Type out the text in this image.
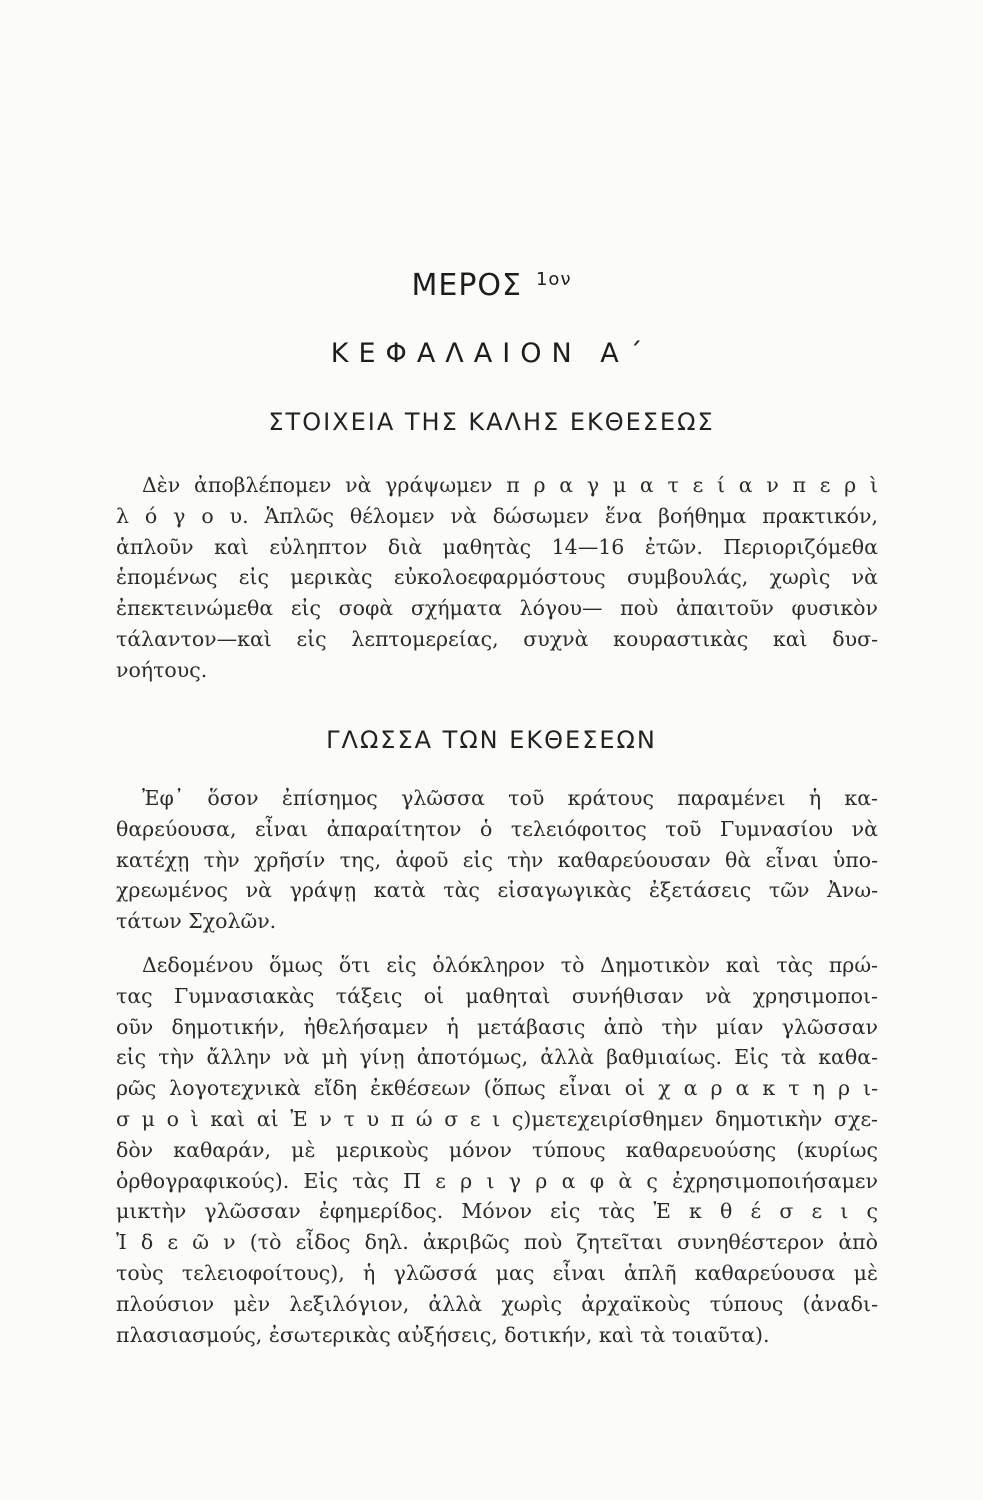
ΜΕΡΟΣ $^{1o\nu}$
ΚΕΦΑΛΑΙΟΝ Α΄
ΣΤΟΙΧΕΙΑ ΤΗΣ ΚΑΛΗΣ ΕΚΘΕΣΕΩΣ
Δὲν ἀποβλέπομεν νὰ γράψωμεν π ρ α γ μ α τ ε ί α ν π ε ρ ὶ
λ ό γ ο υ. Ἁπλῶς θέλομεν νὰ δώσωμεν ἕνα βοήθημα πρακτικόν,
ἁπλοῦν καὶ εὐληπτον διὰ μαθητὰς 14—16 ἐτῶν. Περιοριζόμεθα
ἑπομένως εἰς μερικὰς εὐκολοεφαρμόστους συμβουλάς, χωρὶς νὰ
ἐπεκτεινώμεθα εἰς σοφὰ σχήματα λόγου— ποὺ ἀπαιτοῦν φυσικὸν
τάλαντον—καὶ εἰς λεπτομερείας, συχνὰ κουραστικὰς καὶ δυσ-
νοήτους.
ΓΛΩΣΣΑ ΤΩΝ ΕΚΘΕΣΕΩΝ
Ἐφ᾽ ὅσον ἐπίσημος γλῶσσα τοῦ κράτους παραμένει ἡ κα-
θαρεύουσα, εἶναι ἀπαραίτητον ὁ τελειόφοιτος τοῦ Γυμνασίου νὰ
κατέχῃ τὴν χρῆσίν της, ἀφοῦ εἰς τὴν καθαρεύουσαν θὰ εἶναι ὑπο-
χρεωμένος νὰ γράψῃ κατὰ τὰς εἰσαγωγικὰς ἐξετάσεις τῶν Ἀνω-
τάτων Σχολῶν.
Δεδομένου ὅμως ὅτι εἰς ὁλόκληρον τὸ Δημοτικὸν καὶ τὰς πρώ-
τας Γυμνασιακὰς τάξεις οἱ μαθηταὶ συνήθισαν νὰ χρησιμοποι-
οῦν δημοτικήν, ἠθελήσαμεν ἡ μετάβασις ἀπὸ τὴν μίαν γλῶσσαν
εἰς τὴν ἄλλην νὰ μὴ γίνῃ ἀποτόμως, ἀλλὰ βαθμιαίως. Εἰς τὰ καθα-
ρῶς λογοτεχνικὰ εἴδη ἐκθέσεων (ὅπως εἶναι οἱ χ α ρ α κ τ η ρ ι-
σ μ ο ὶ καὶ αἱ Ἐ ν τ υ π ώ σ ε ι ς)μετεχειρίσθημεν δημοτικὴν σχε-
δὸν καθαράν, μὲ μερικοὺς μόνον τύπους καθαρευούσης (κυρίως
ὀρθογραφικούς). Εἰς τὰς Π ε ρ ι γ ρ α φ ὰ ς ἐχρησιμοποιήσαμεν
μικτὴν γλῶσσαν ἐφημερίδος. Μόνον εἰς τὰς Ἐ κ θ έ σ ε ι ς
Ἰ δ ε ῶ ν (τὸ εἶδος δηλ. ἀκριβῶς ποὺ ζητεῖται συνηθέστερον ἀπὸ
τοὺς τελειοφοίτους), ἡ γλῶσσά μας εἶναι ἁπλῆ καθαρεύουσα μὲ
πλούσιον μὲν λεξιλόγιον, ἀλλὰ χωρὶς ἀρχαϊκοὺς τύπους (ἀναδι-
πλασιασμούς, ἐσωτερικὰς αὐξήσεις, δοτικήν, καὶ τὰ τοιαῦτα).
